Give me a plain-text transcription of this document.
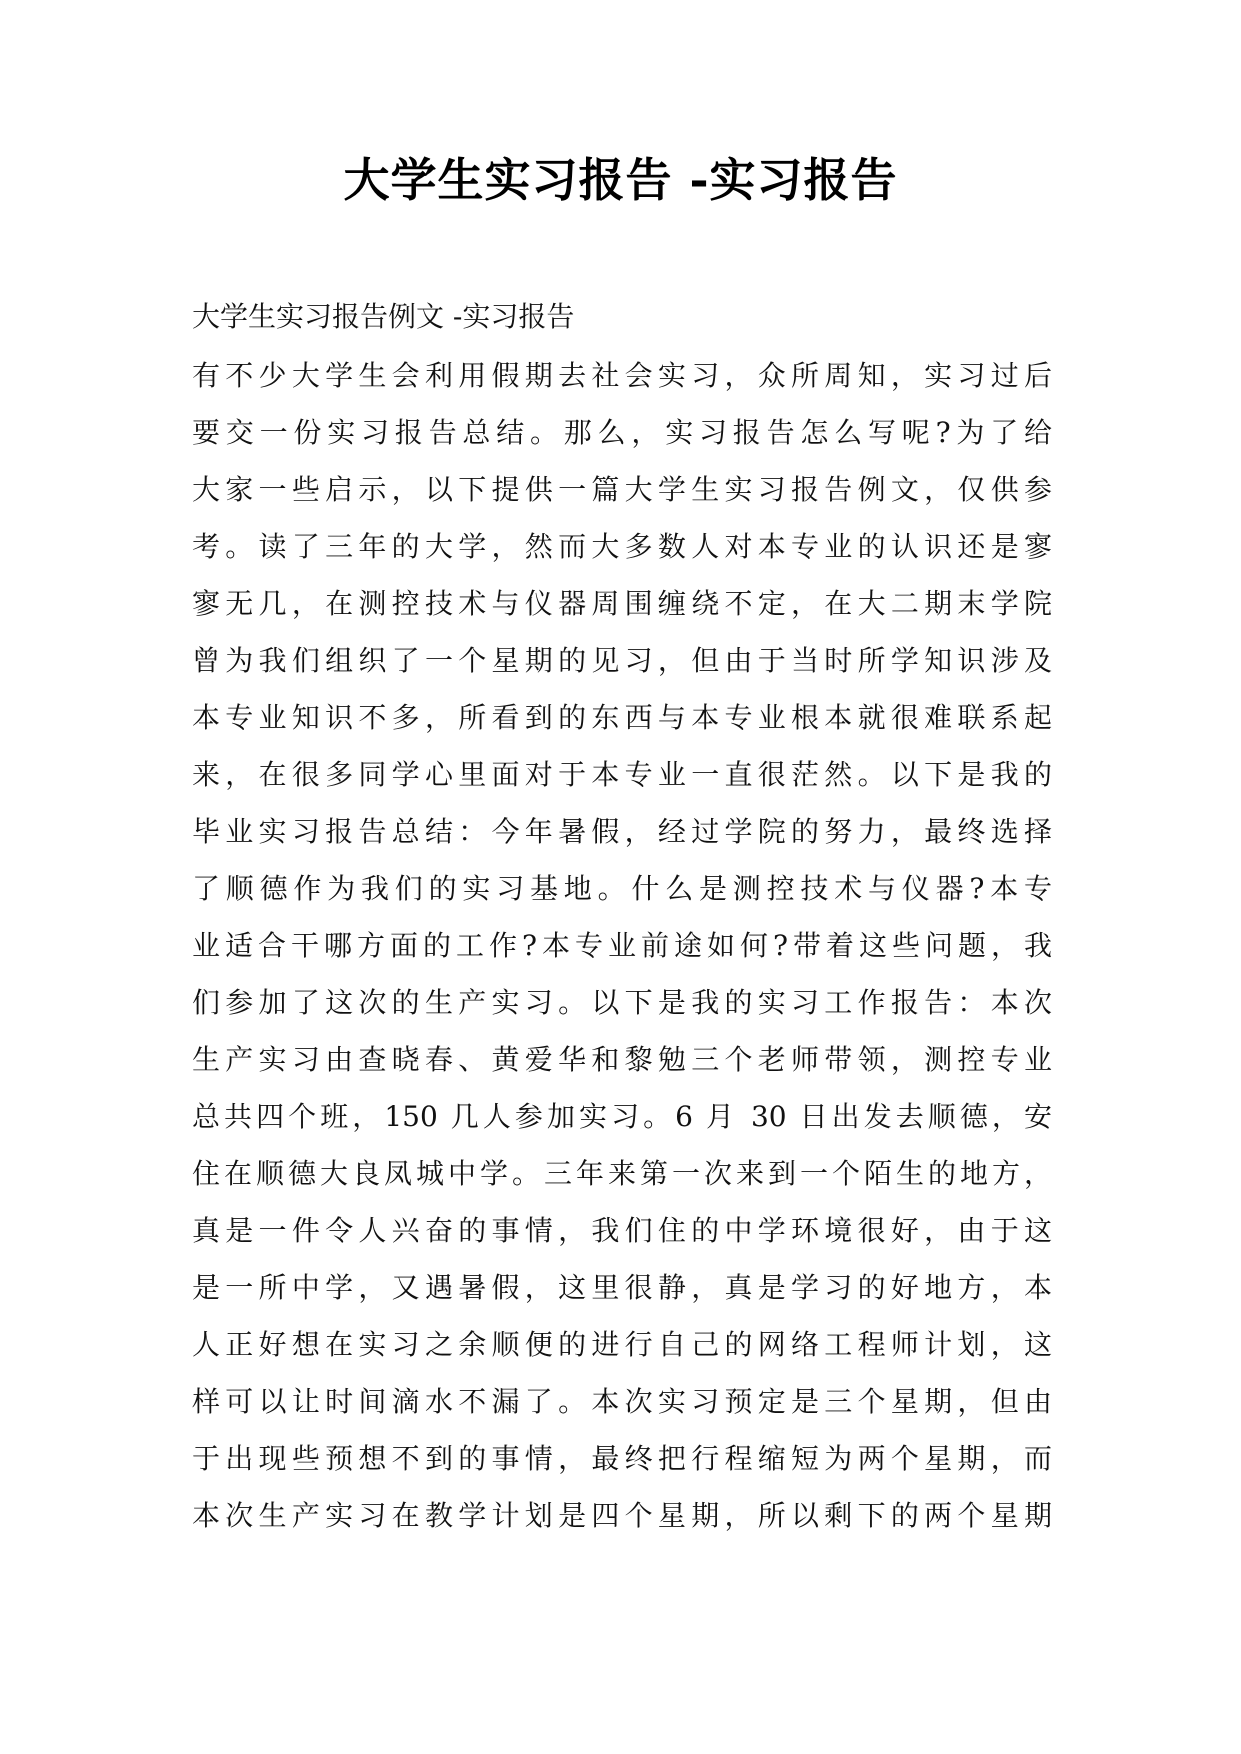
大学生实习报告 -实习报告
大学生实习报告例文 -实习报告
有不少大学生会利用假期去社会实习，众所周知，实习过后
要交一份实习报告总结。那么，实习报告怎么写呢?为了给
大家一些启示，以下提供一篇大学生实习报告例文，仅供参
考。读了三年的大学，然而大多数人对本专业的认识还是寥
寥无几，在测控技术与仪器周围缠绕不定，在大二期末学院
曾为我们组织了一个星期的见习，但由于当时所学知识涉及
本专业知识不多，所看到的东西与本专业根本就很难联系起
来，在很多同学心里面对于本专业一直很茫然。以下是我的
毕业实习报告总结：今年暑假，经过学院的努力，最终选择
了顺德作为我们的实习基地。什么是测控技术与仪器?本专
业适合干哪方面的工作?本专业前途如何?带着这些问题，我
们参加了这次的生产实习。以下是我的实习工作报告：本次
生产实习由查晓春、黄爱华和黎勉三个老师带领，测控专业
总共四个班，150 几人参加实习。6 月 30 日出发去顺德，安
住在顺德大良凤城中学。三年来第一次来到一个陌生的地方，
真是一件令人兴奋的事情，我们住的中学环境很好，由于这
是一所中学，又遇暑假，这里很静，真是学习的好地方，本
人正好想在实习之余顺便的进行自己的网络工程师计划，这
样可以让时间滴水不漏了。本次实习预定是三个星期，但由
于出现些预想不到的事情，最终把行程缩短为两个星期，而
本次生产实习在教学计划是四个星期，所以剩下的两个星期
